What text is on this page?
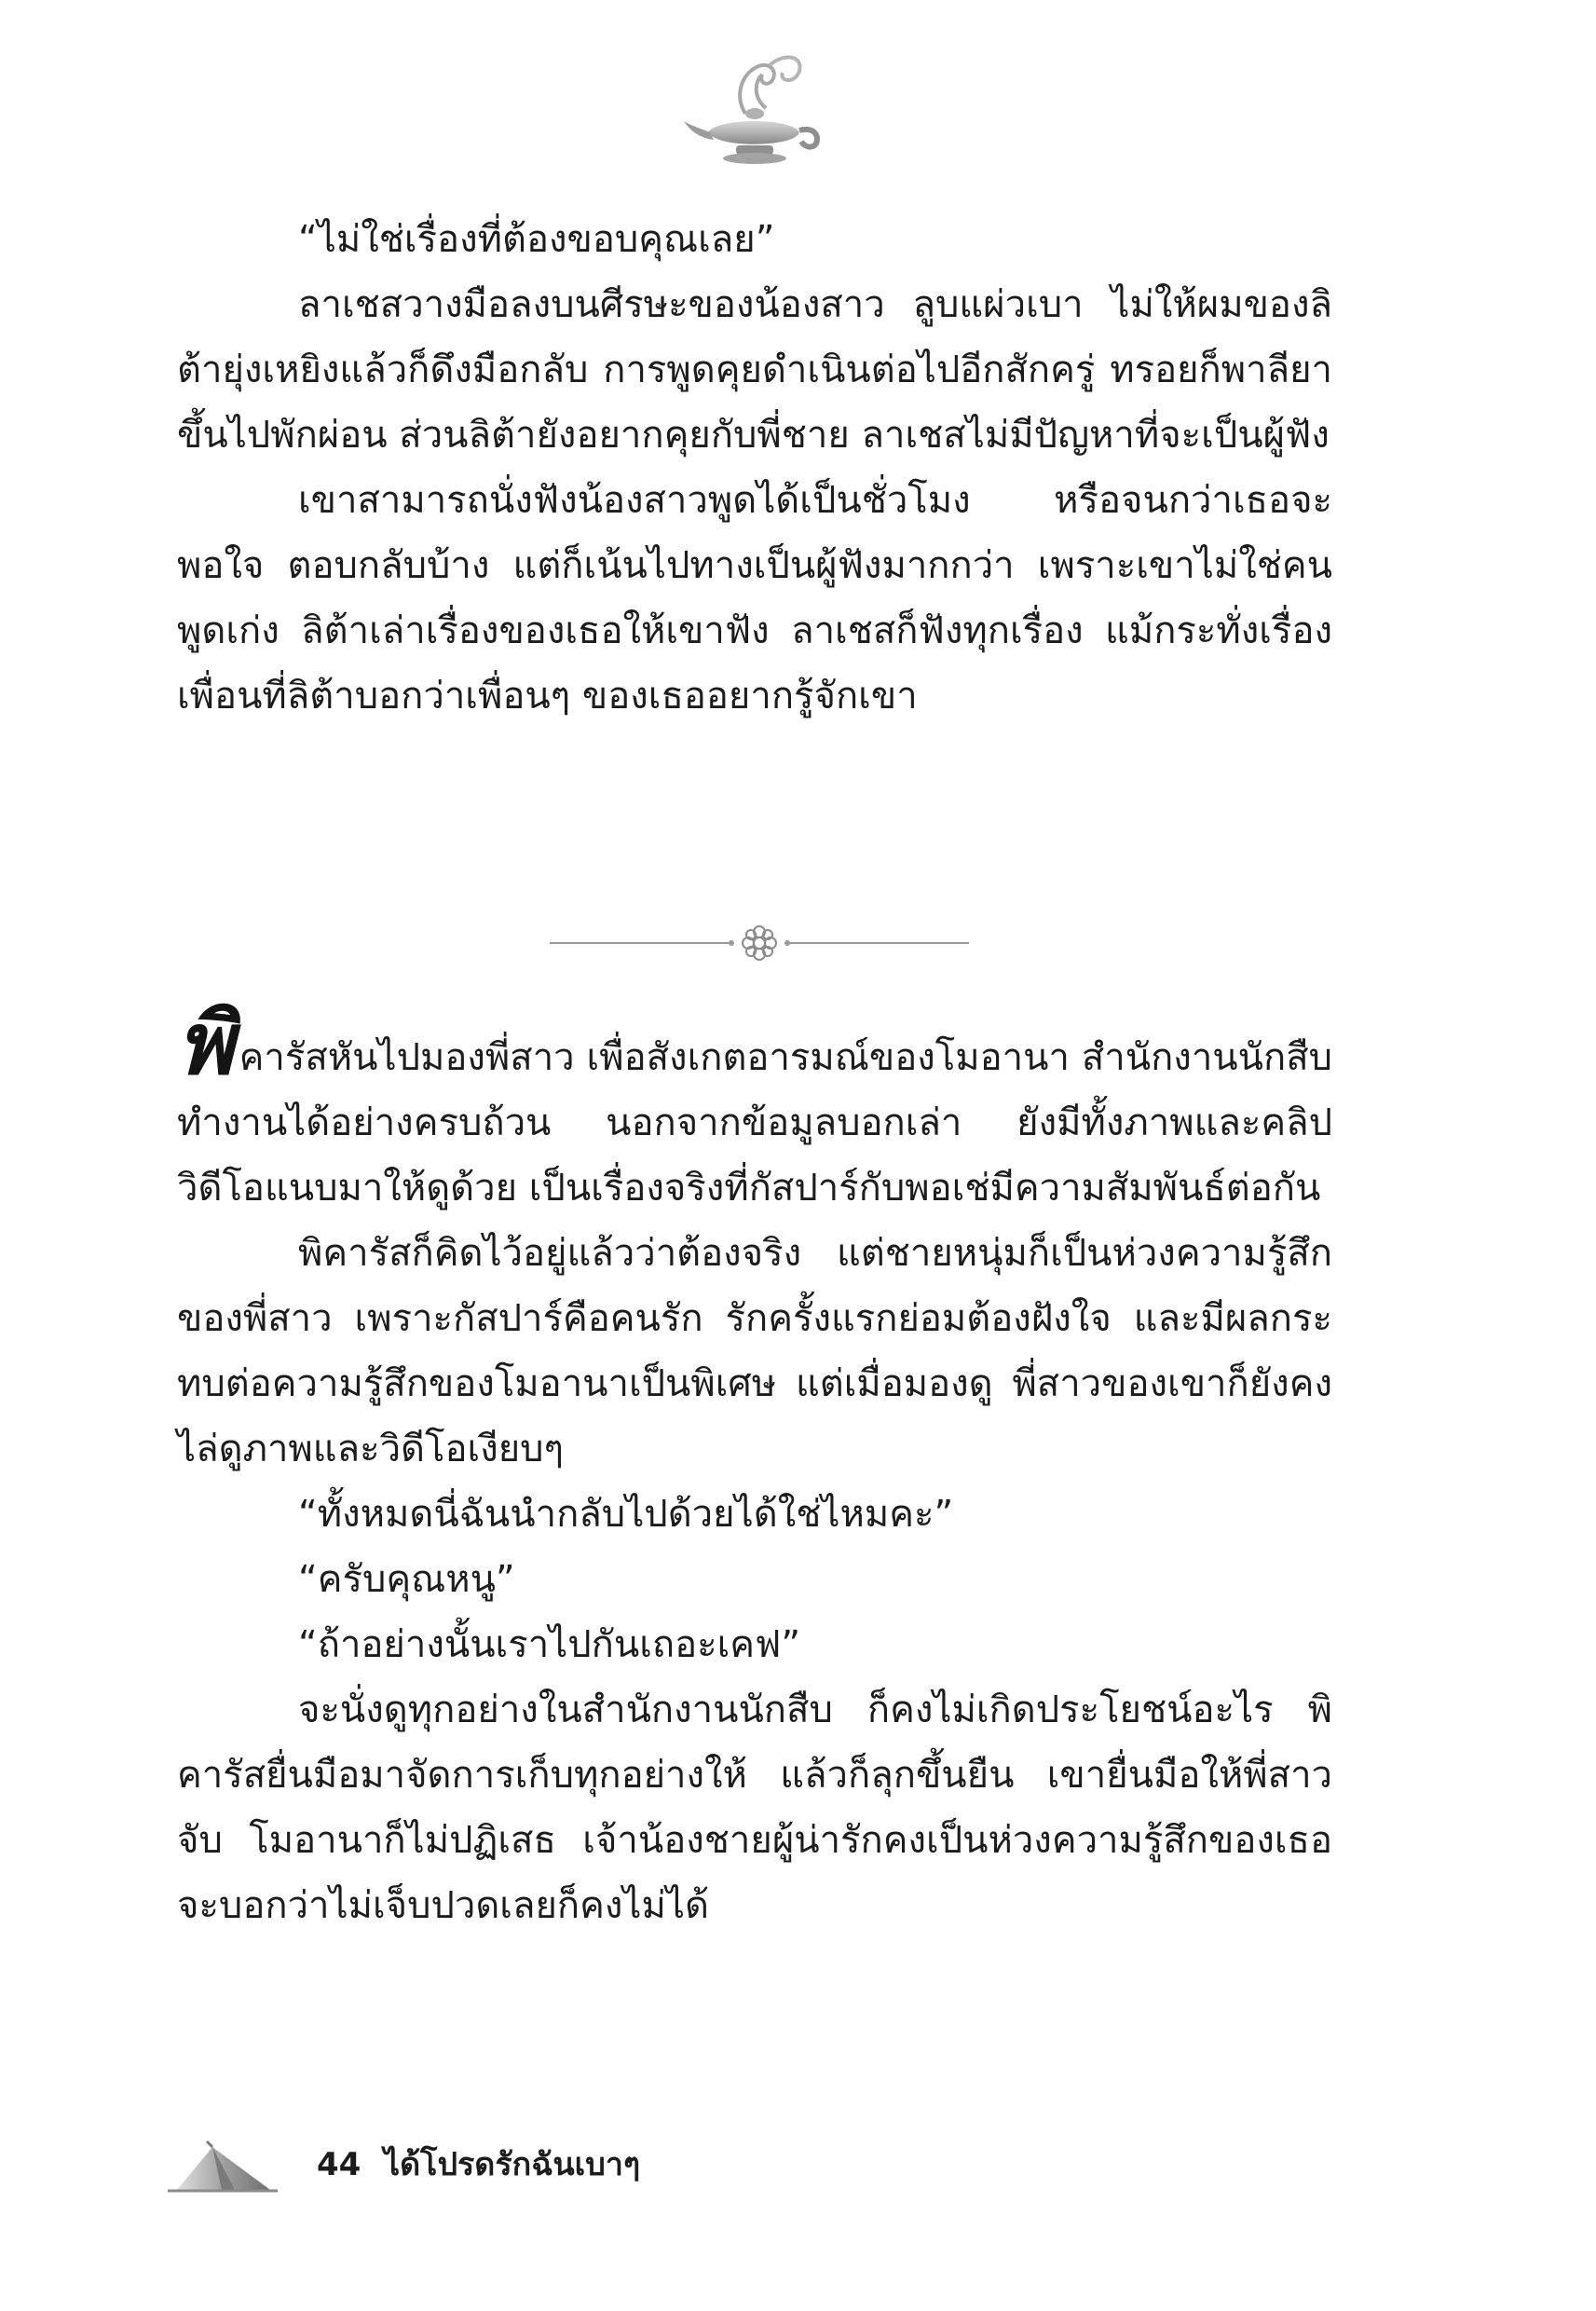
“ไม่ใช่เรื่องที่ต้องขอบคุณเลย”

ลาเชสวางมือลงบนศีรษะของน้องสาว ลูบแผ่วเบา ไม่ให้ผมของลิต้ายุ่งเหยิงแล้วก็ดึงมือกลับ การพูดคุยดำเนินต่อไปอีกสักครู่ ทรอยก็พาลียาขึ้นไปพักผ่อน ส่วนลิต้ายังอยากคุยกับพี่ชาย ลาเชสไม่มีปัญหาที่จะเป็นผู้ฟัง

เขาสามารถนั่งฟังน้องสาวพูดได้เป็นชั่วโมง หรือจนกว่าเธอจะพอใจ ตอบกลับบ้าง แต่ก็เน้นไปทางเป็นผู้ฟังมากกว่า เพราะเขาไม่ใช่คนพูดเก่ง ลิต้าเล่าเรื่องของเธอให้เขาฟัง ลาเชสก็ฟังทุกเรื่อง แม้กระทั่งเรื่องเพื่อนที่ลิต้าบอกว่าเพื่อนๆ ของเธออยากรู้จักเขา

พิคารัสหันไปมองพี่สาว เพื่อสังเกตอารมณ์ของโมอานา สำนักงานนักสืบทำงานได้อย่างครบถ้วน นอกจากข้อมูลบอกเล่า ยังมีทั้งภาพและคลิปวิดีโอแนบมาให้ดูด้วย เป็นเรื่องจริงที่กัสปาร์กับพอเช่มีความสัมพันธ์ต่อกัน

พิคารัสก็คิดไว้อยู่แล้วว่าต้องจริง แต่ชายหนุ่มก็เป็นห่วงความรู้สึกของพี่สาว เพราะกัสปาร์คือคนรัก รักครั้งแรกย่อมต้องฝังใจ และมีผลกระทบต่อความรู้สึกของโมอานาเป็นพิเศษ แต่เมื่อมองดู พี่สาวของเขาก็ยังคงไล่ดูภาพและวิดีโอเงียบๆ

“ทั้งหมดนี่ฉันนำกลับไปด้วยได้ใช่ไหมคะ”

“ครับคุณหนู”

“ถ้าอย่างนั้นเราไปกันเถอะเคฟ”

จะนั่งดูทุกอย่างในสำนักงานนักสืบ ก็คงไม่เกิดประโยชน์อะไร พิคารัสยื่นมือมาจัดการเก็บทุกอย่างให้ แล้วก็ลุกขึ้นยืน เขายื่นมือให้พี่สาวจับ โมอานาก็ไม่ปฏิเสธ เจ้าน้องชายผู้น่ารักคงเป็นห่วงความรู้สึกของเธอ จะบอกว่าไม่เจ็บปวดเลยก็คงไม่ได้

44 ได้โปรดรักฉันเบาๆ
